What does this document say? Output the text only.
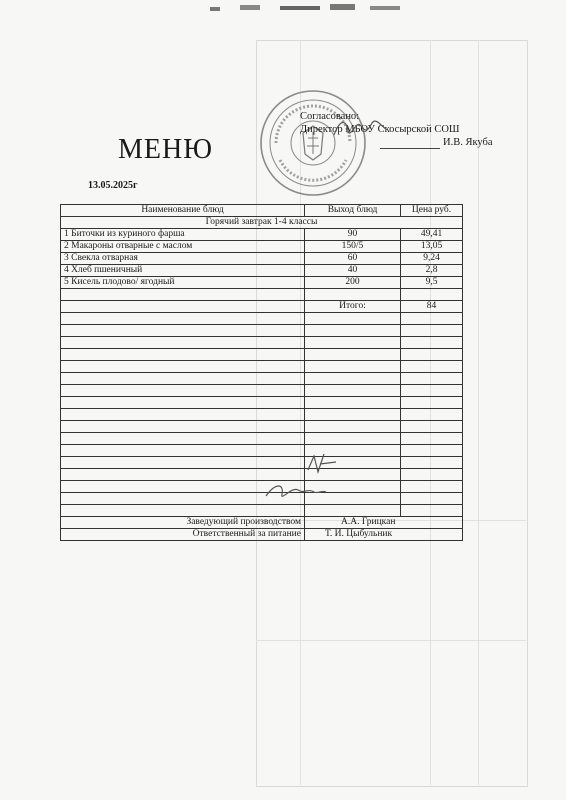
Согласовано:
Директор МБОУ Скосырской СОШ
И.В. Якуба
МЕНЮ
13.05.2025г
Наименование блюд	Выход блюд	Цена руб.
Горячий завтрак 1-4 классы		
1 Биточки из куриного фарша	90	49,41
2 Макароны отварные с маслом	150/5	13,05
3 Свекла отварная	60	9,24
4 Хлеб пшеничный	40	2,8
5 Кисель плодово/ ягодный	200	9,5

	Итого:	84

Заведующий производством	А.А. Грицкан	
Ответственный за питание	Т. И. Цыбульник	
